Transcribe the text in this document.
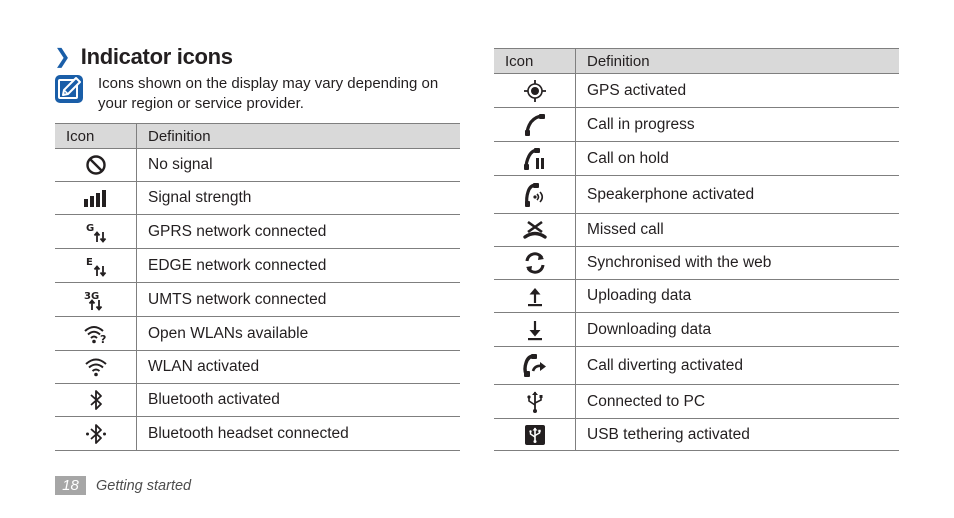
❯ Indicator icons
Icons shown on the display may vary depending on your region or service provider.
Icon	Definition

	No signal

	Signal strength

G	GPRS network connected

E	EDGE network connected

3G	UMTS network connected

?	Open WLANs available

	WLAN activated

	Bluetooth activated

	Bluetooth headset connected
Icon	Definition

	GPS activated

	Call in progress

	Call on hold

	Speakerphone activated

	Missed call

	Synchronised with the web

	Uploading data

	Downloading data

	Call diverting activated

	Connected to PC

	USB tethering activated
18	Getting started
